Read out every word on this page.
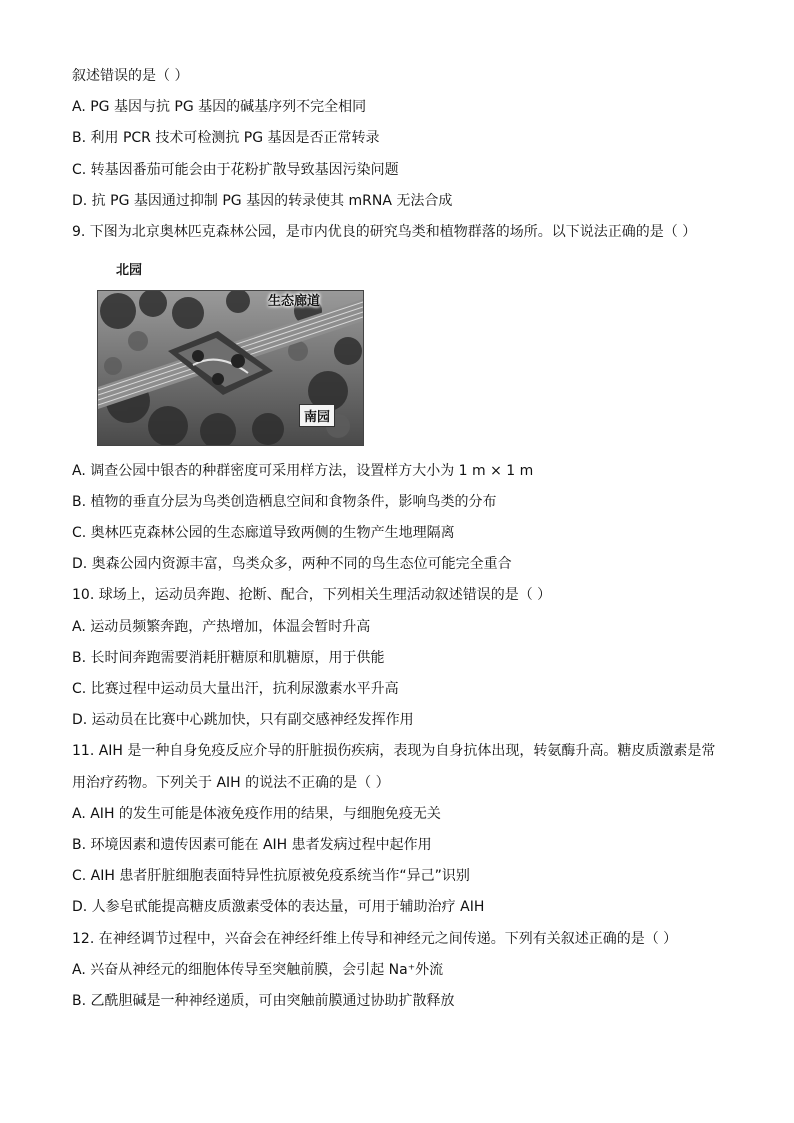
叙述错误的是（ ）
A. PG 基因与抗 PG 基因的碱基序列不完全相同
B. 利用 PCR 技术可检测抗 PG 基因是否正常转录
C. 转基因番茄可能会由于花粉扩散导致基因污染问题
D. 抗 PG 基因通过抑制 PG 基因的转录使其 mRNA 无法合成
9. 下图为北京奥林匹克森林公园，是市内优良的研究鸟类和植物群落的场所。以下说法正确的是（ ）
北园
生态廊道
南园
A. 调查公园中银杏的种群密度可采用样方法，设置样方大小为 1 m × 1 m
B. 植物的垂直分层为鸟类创造栖息空间和食物条件，影响鸟类的分布
C. 奥林匹克森林公园的生态廊道导致两侧的生物产生地理隔离
D. 奥森公园内资源丰富，鸟类众多，两种不同的鸟生态位可能完全重合
10. 球场上，运动员奔跑、抢断、配合，下列相关生理活动叙述错误的是（ ）
A. 运动员频繁奔跑，产热增加，体温会暂时升高
B. 长时间奔跑需要消耗肝糖原和肌糖原，用于供能
C. 比赛过程中运动员大量出汗，抗利尿激素水平升高
D. 运动员在比赛中心跳加快，只有副交感神经发挥作用
11. AIH 是一种自身免疫反应介导的肝脏损伤疾病，表现为自身抗体出现，转氨酶升高。糖皮质激素是常
用治疗药物。下列关于 AIH 的说法不正确的是（ ）
A. AIH 的发生可能是体液免疫作用的结果，与细胞免疫无关
B. 环境因素和遗传因素可能在 AIH 患者发病过程中起作用
C. AIH 患者肝脏细胞表面特异性抗原被免疫系统当作“异己”识别
D. 人参皂甙能提高糖皮质激素受体的表达量，可用于辅助治疗 AIH
12. 在神经调节过程中，兴奋会在神经纤维上传导和神经元之间传递。下列有关叙述正确的是（ ）
A. 兴奋从神经元的细胞体传导至突触前膜，会引起 Na⁺外流
B. 乙酰胆碱是一种神经递质，可由突触前膜通过协助扩散释放
